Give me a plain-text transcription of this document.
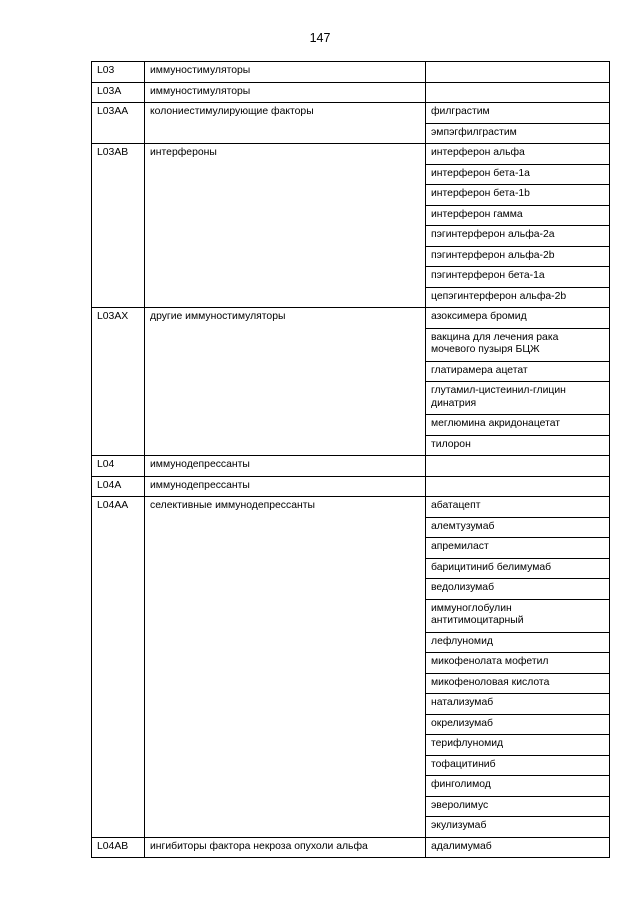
147
L03	иммуностимуляторы	
L03A	иммуностимуляторы	
L03AA	колониестимулирующие факторы	филграстим
		эмпэгфилграстим
L03AB	интерфероны	интерферон альфа
		интерферон бета-1a
		интерферон бета-1b
		интерферон гамма
		пэгинтерферон альфа-2a
		пэгинтерферон альфа-2b
		пэгинтерферон бета-1a
		цепэгинтерферон альфа-2b
L03AX	другие иммуностимуляторы	азоксимера бромид
		вакцина для лечения рака мочевого пузыря БЦЖ
		глатирамера ацетат
		глутамил-цистеинил-глицин динатрия
		меглюмина акридонацетат
		тилорон
L04	иммунодепрессанты	
L04A	иммунодепрессанты	
L04AA	селективные иммунодепрессанты	абатацепт
		алемтузумаб
		апремиласт
		барицитиниб белимумаб
		ведолизумаб
		иммуноглобулин антитимоцитарный
		лефлуномид
		микофенолата мофетил
		микофеноловая кислота
		натализумаб
		окрелизумаб
		терифлуномид
		тофацитиниб
		финголимод
		эверолимус
		экулизумаб
L04AB	ингибиторы фактора некроза опухоли альфа	адалимумаб
